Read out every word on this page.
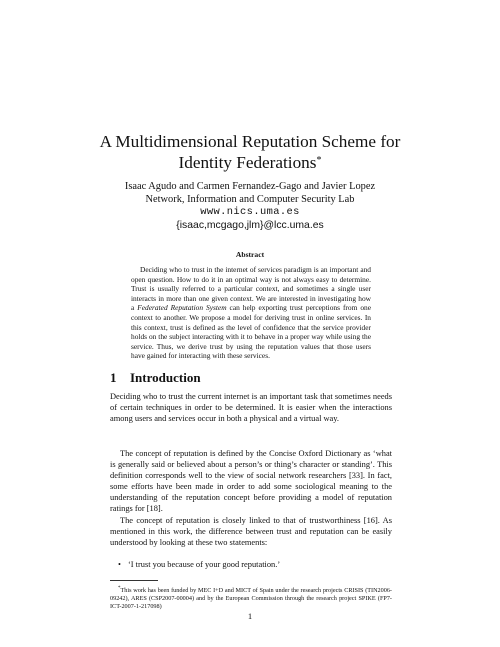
A Multidimensional Reputation Scheme for
Identity Federations*
Isaac Agudo and Carmen Fernandez-Gago and Javier Lopez
Network, Information and Computer Security Lab
www.nics.uma.es
{isaac,mcgago,jlm}@lcc.uma.es
Abstract
Deciding who to trust in the internet of services paradigm is an important and open question. How to do it in an optimal way is not always easy to determine. Trust is usually referred to a particular context, and sometimes a single user interacts in more than one given context. We are interested in investigating how a Federated Reputation System can help exporting trust perceptions from one context to another. We propose a model for deriving trust in online services. In this context, trust is defined as the level of confidence that the service provider holds on the subject interacting with it to behave in a proper way while using the service. Thus, we derive trust by using the reputation values that those users have gained for interacting with these services.
1 Introduction
Deciding who to trust the current internet is an important task that sometimes needs of certain techniques in order to be determined. It is easier when the interactions among users and services occur in both a physical and a virtual way.
The concept of reputation is defined by the Concise Oxford Dictionary as ‘what is generally said or believed about a person’s or thing’s character or standing’. This definition corresponds well to the view of social network researchers [33]. In fact, some efforts have been made in order to add some sociological meaning to the understanding of the reputation concept before providing a model of reputation ratings for [18].
The concept of reputation is closely linked to that of trustworthiness [16]. As mentioned in this work, the difference between trust and reputation can be easily understood by looking at these two statements:
• ‘I trust you because of your good reputation.’
*This work has been funded by MEC I+D and MICT of Spain under the research projects CRISIS (TIN2006-09242), ARES (CSP2007-00004) and by the European Commission through the research project SPIKE (FP7-ICT-2007-1-217098)
1
